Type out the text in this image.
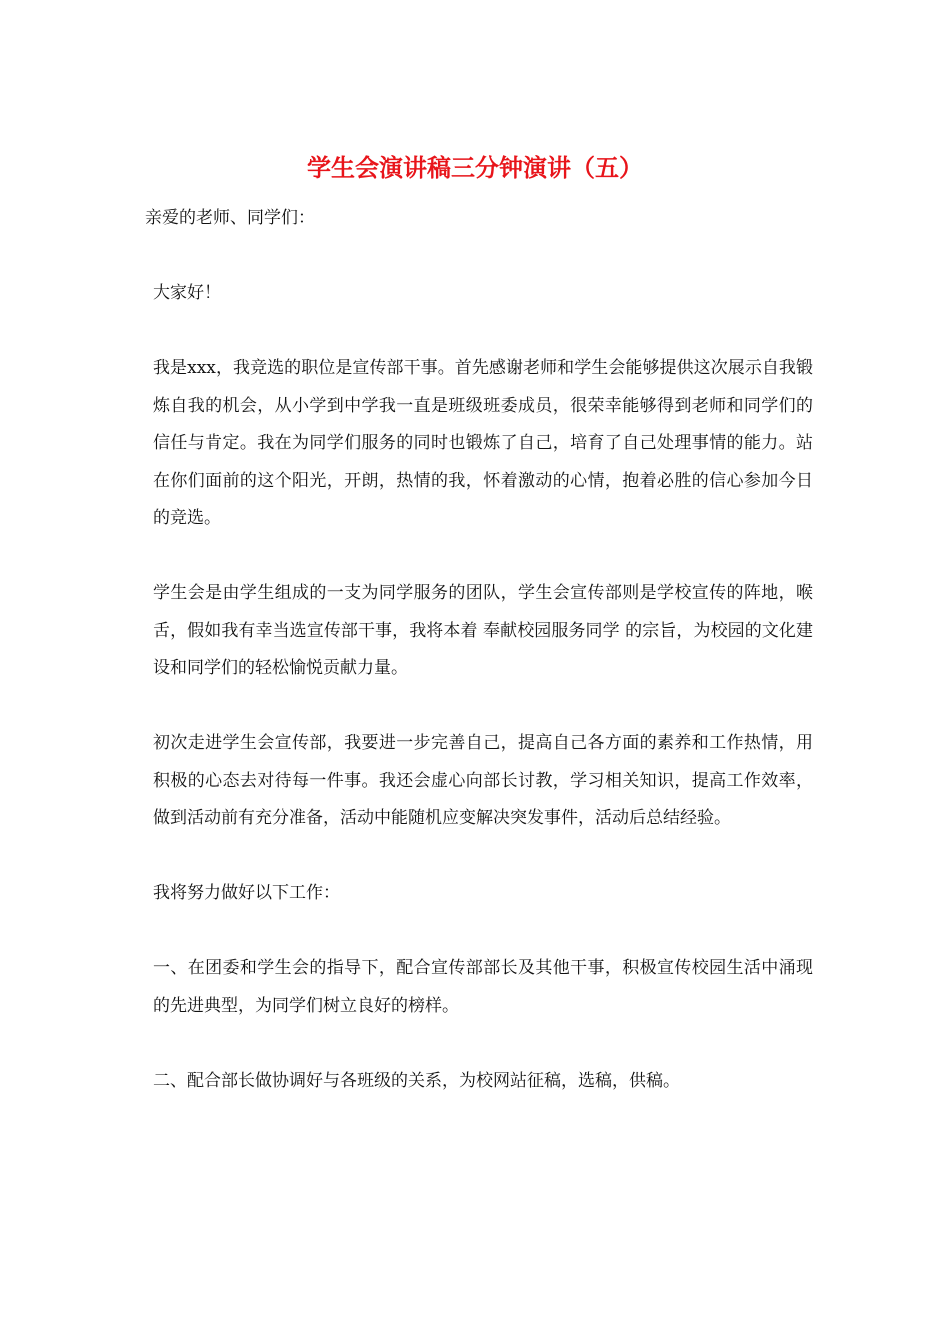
学生会演讲稿三分钟演讲（五）

亲爱的老师、同学们：

大家好！

我是xxx，我竞选的职位是宣传部干事。首先感谢老师和学生会能够提供这次展示自我锻炼自我的机会，从小学到中学我一直是班级班委成员，很荣幸能够得到老师和同学们的信任与肯定。我在为同学们服务的同时也锻炼了自己，培育了自己处理事情的能力。站在你们面前的这个阳光，开朗，热情的我，怀着激动的心情，抱着必胜的信心参加今日的竞选。

学生会是由学生组成的一支为同学服务的团队，学生会宣传部则是学校宣传的阵地，喉舌，假如我有幸当选宣传部干事，我将本着 奉献校园服务同学 的宗旨，为校园的文化建设和同学们的轻松愉悦贡献力量。

初次走进学生会宣传部，我要进一步完善自己，提高自己各方面的素养和工作热情，用积极的心态去对待每一件事。我还会虚心向部长讨教，学习相关知识，提高工作效率，做到活动前有充分准备，活动中能随机应变解决突发事件，活动后总结经验。

我将努力做好以下工作：

一、在团委和学生会的指导下，配合宣传部部长及其他干事，积极宣传校园生活中涌现的先进典型，为同学们树立良好的榜样。

二、配合部长做协调好与各班级的关系，为校网站征稿，选稿，供稿。
